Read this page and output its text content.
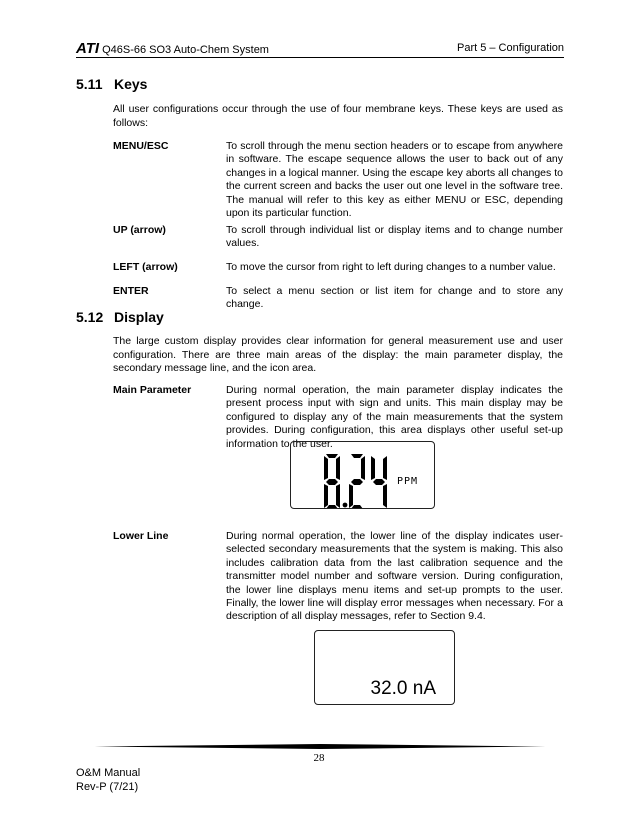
ATI Q46S-66 SO3 Auto-Chem System	Part 5 – Configuration
5.11 Keys
All user configurations occur through the use of four membrane keys. These keys are used as follows:
MENU/ESC	To scroll through the menu section headers or to escape from anywhere in software. The escape sequence allows the user to back out of any changes in a logical manner. Using the escape key aborts all changes to the current screen and backs the user out one level in the software tree. The manual will refer to this key as either MENU or ESC, depending upon its particular function.
UP (arrow)	To scroll through individual list or display items and to change number values.
LEFT (arrow)	To move the cursor from right to left during changes to a number value.
ENTER	To select a menu section or list item for change and to store any change.
5.12 Display
The large custom display provides clear information for general measurement use and user configuration. There are three main areas of the display: the main parameter display, the secondary message line, and the icon area.
Main Parameter	During normal operation, the main parameter display indicates the present process input with sign and units. This main display may be configured to display any of the main measurements that the system provides. During configuration, this area displays other useful set-up information to the user.
PPM
Lower Line	During normal operation, the lower line of the display indicates user-selected secondary measurements that the system is making. This also includes calibration data from the last calibration sequence and the transmitter model number and software version. During configuration, the lower line displays menu items and set-up prompts to the user. Finally, the lower line will display error messages when necessary. For a description of all display messages, refer to Section 9.4.
32.0 nA
28
O&M Manual
Rev-P (7/21)
